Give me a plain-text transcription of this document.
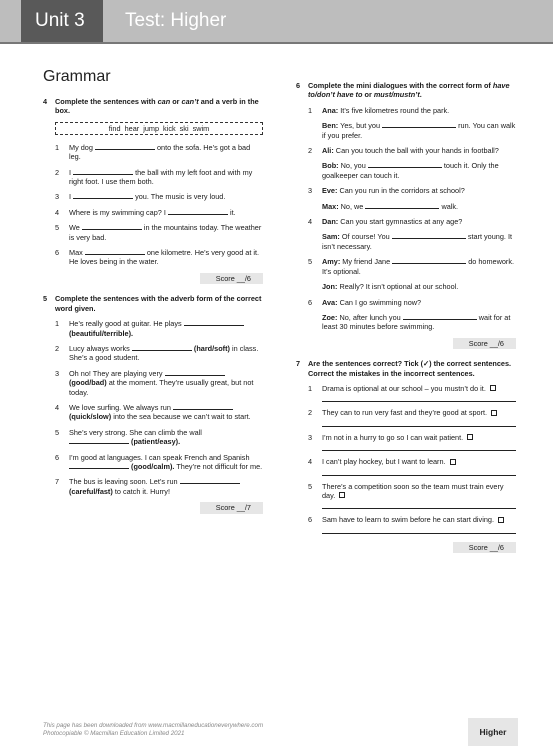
Unit 3	Test: Higher
Grammar
4 Complete the sentences with can or can’t and a verb in the box.
find hear jump kick ski swim
1 My dog	onto the sofa. He’s got a bad leg.
2 I	the ball with my left foot and with my right foot. I use them both.
3 I	you. The music is very loud.
4 Where is my swimming cap? I	it.
5 We	in the mountains today. The weather is very bad.
6 Max	one kilometre. He’s very good at it. He loves being in the water.
Score __/6
5 Complete the sentences with the adverb form of the correct word given.
1 He’s really good at guitar. He plays  (beautiful/terrible).
2 Lucy always works	(hard/soft) in class. She’s a good student.
3 Oh no! They are playing very  (good/bad) at the moment. They’re usually great, but not today.
4 We love surfing. We always run  (quick/slow) into the sea because we can’t wait to start.
5 She’s very strong. She can climb the wall  (patient/easy).
6 I’m good at languages. I can speak French and Spanish  (good/calm). They’re not difficult for me.
7 The bus is leaving soon. Let’s run  (careful/fast) to catch it. Hurry!
Score __/7
6 Complete the mini dialogues with the correct form of have to/don’t have to or must/mustn’t.
1 Ana: It’s five kilometres round the park.
Ben: Yes, but you	run. You can walk if you prefer.
2 Ali: Can you touch the ball with your hands in football?
Bob: No, you	touch it. Only the goalkeeper can touch it.
3 Eve: Can you run in the corridors at school?
Max: No, we	walk.
4 Dan: Can you start gymnastics at any age?
Sam: Of course! You	start young. It isn’t necessary.
5 Amy: My friend Jane	do homework. It’s optional.
Jon: Really? It isn’t optional at our school.
6 Ava: Can I go swimming now?
Zoe: No, after lunch you	wait for at least 30 minutes before swimming.
Score __/6
7 Are the sentences correct? Tick (✓) the correct sentences. Correct the mistakes in the incorrect sentences.
1 Drama is optional at our school – you mustn’t do it.
2 They can to run very fast and they’re good at sport.
3 I’m not in a hurry to go so I can wait patient.
4 I can’t play hockey, but I want to learn.
5 There’s a competition soon so the team must train every day.
6 Sam have to learn to swim before he can start diving.
Score __/6
This page has been downloaded from www.macmillaneducationeverywhere.com
Photocopiable © Macmillan Education Limited 2021	Higher
